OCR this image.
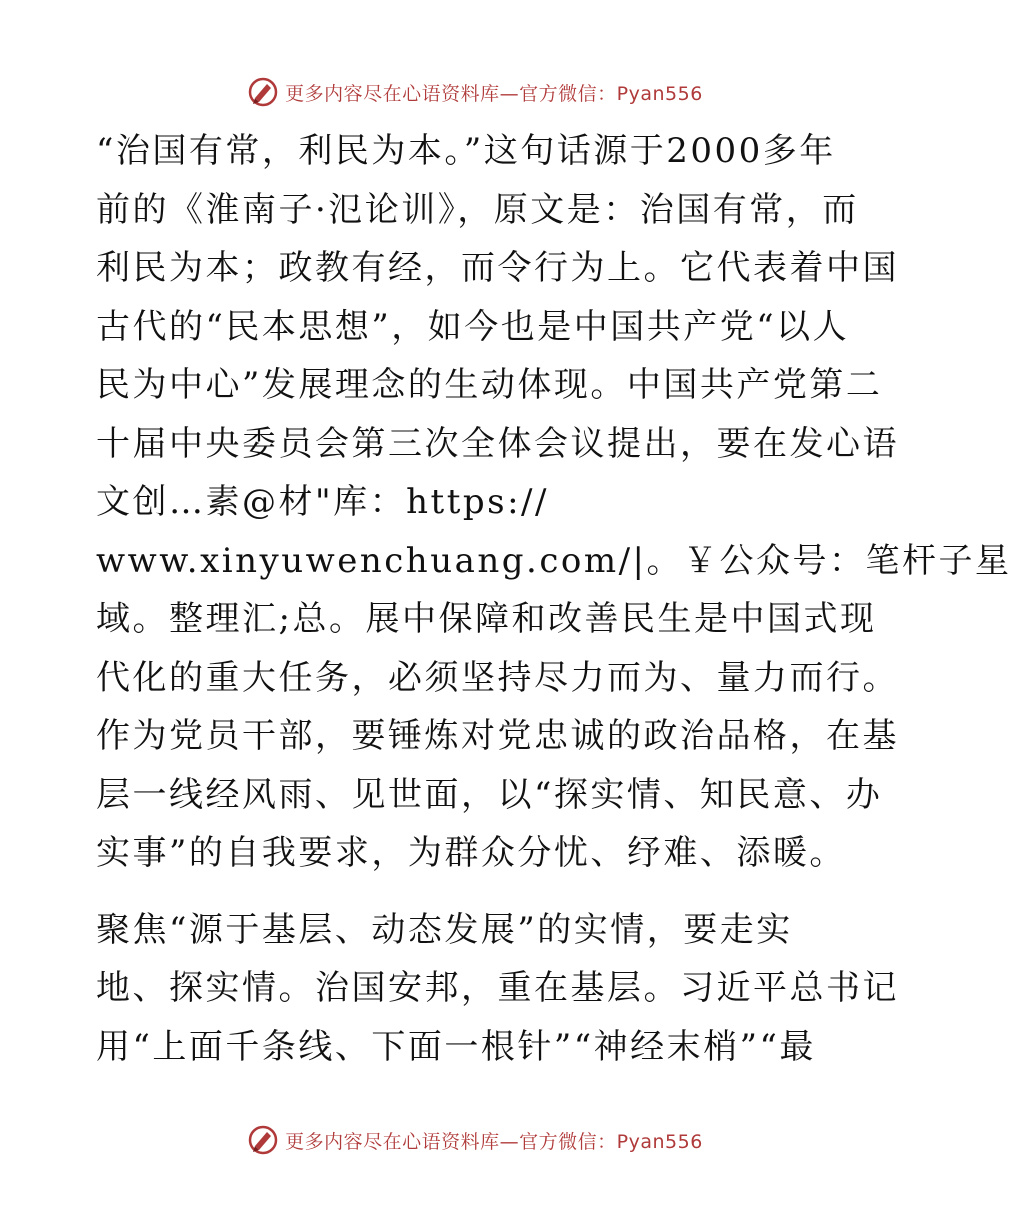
更多内容尽在心语资料库—官方微信：Pyan556
“治国有常，利民为本。”这句话源于2000多年
前的《淮南子·氾论训》，原文是：治国有常，而
利民为本；政教有经，而令行为上。它代表着中国
古代的“民本思想”，如今也是中国共产党“以人
民为中心”发展理念的生动体现。中国共产党第二
十届中央委员会第三次全体会议提出，要在发心语
文创…素@材"库：https://
www.xinyuwenchuang.com/|。￥公众号：笔杆子星
域。整理汇;总。展中保障和改善民生是中国式现
代化的重大任务，必须坚持尽力而为、量力而行。
作为党员干部，要锤炼对党忠诚的政治品格，在基
层一线经风雨、见世面，以“探实情、知民意、办
实事”的自我要求，为群众分忧、纾难、添暖。
聚焦“源于基层、动态发展”的实情，要走实
地、探实情。治国安邦，重在基层。习近平总书记
用“上面千条线、下面一根针”“神经末梢”“最
更多内容尽在心语资料库—官方微信：Pyan556
